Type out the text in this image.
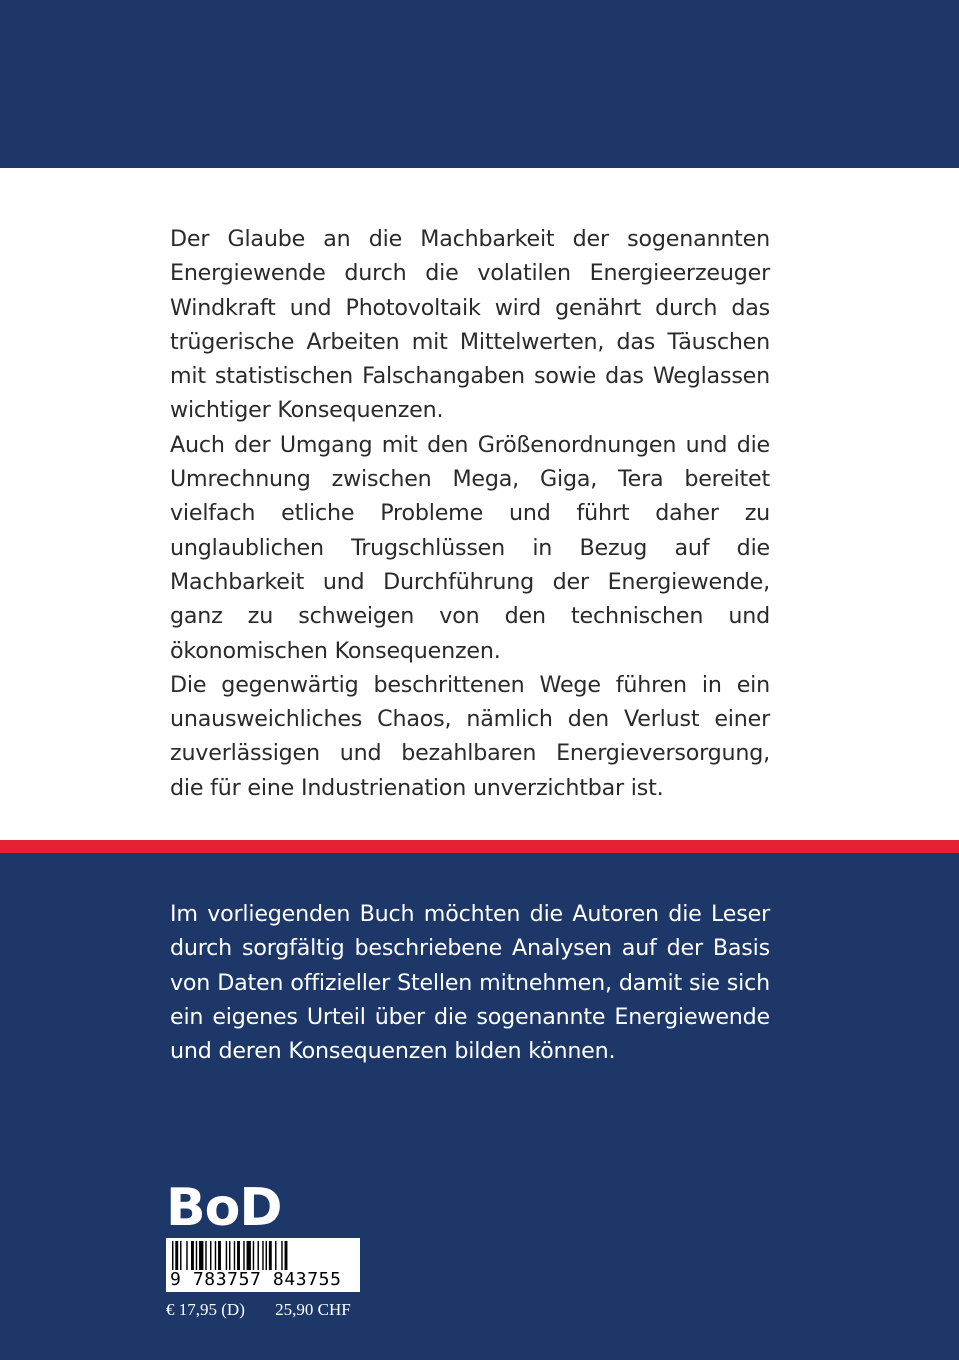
Der Glaube an die Machbarkeit der sogenannten Energiewende durch die volatilen Energieerzeuger Windkraft und Photovoltaik wird genährt durch das trügerische Arbeiten mit Mittelwerten, das Täuschen mit statistischen Falschangaben sowie das Weglassen wichtiger Konsequenzen.

Auch der Umgang mit den Größenordnungen und die Umrechnung zwischen Mega, Giga, Tera bereitet vielfach etliche Probleme und führt daher zu unglaublichen Trugschlüssen in Bezug auf die Machbarkeit und Durchführung der Energiewende, ganz zu schweigen von den technischen und ökonomischen Konsequenzen.

Die gegenwärtig beschrittenen Wege führen in ein unausweichliches Chaos, nämlich den Verlust einer zuverlässigen und bezahlbaren Energieversorgung, die für eine Industrienation unverzichtbar ist.

Im vorliegenden Buch möchten die Autoren die Leser durch sorgfältig beschriebene Analysen auf der Basis von Daten offizieller Stellen mitnehmen, damit sie sich ein eigenes Urteil über die sogenannte Energiewende und deren Konsequenzen bilden können.

BoD
9 783757 843755
€ 17,95 (D) 25,90 CHF
